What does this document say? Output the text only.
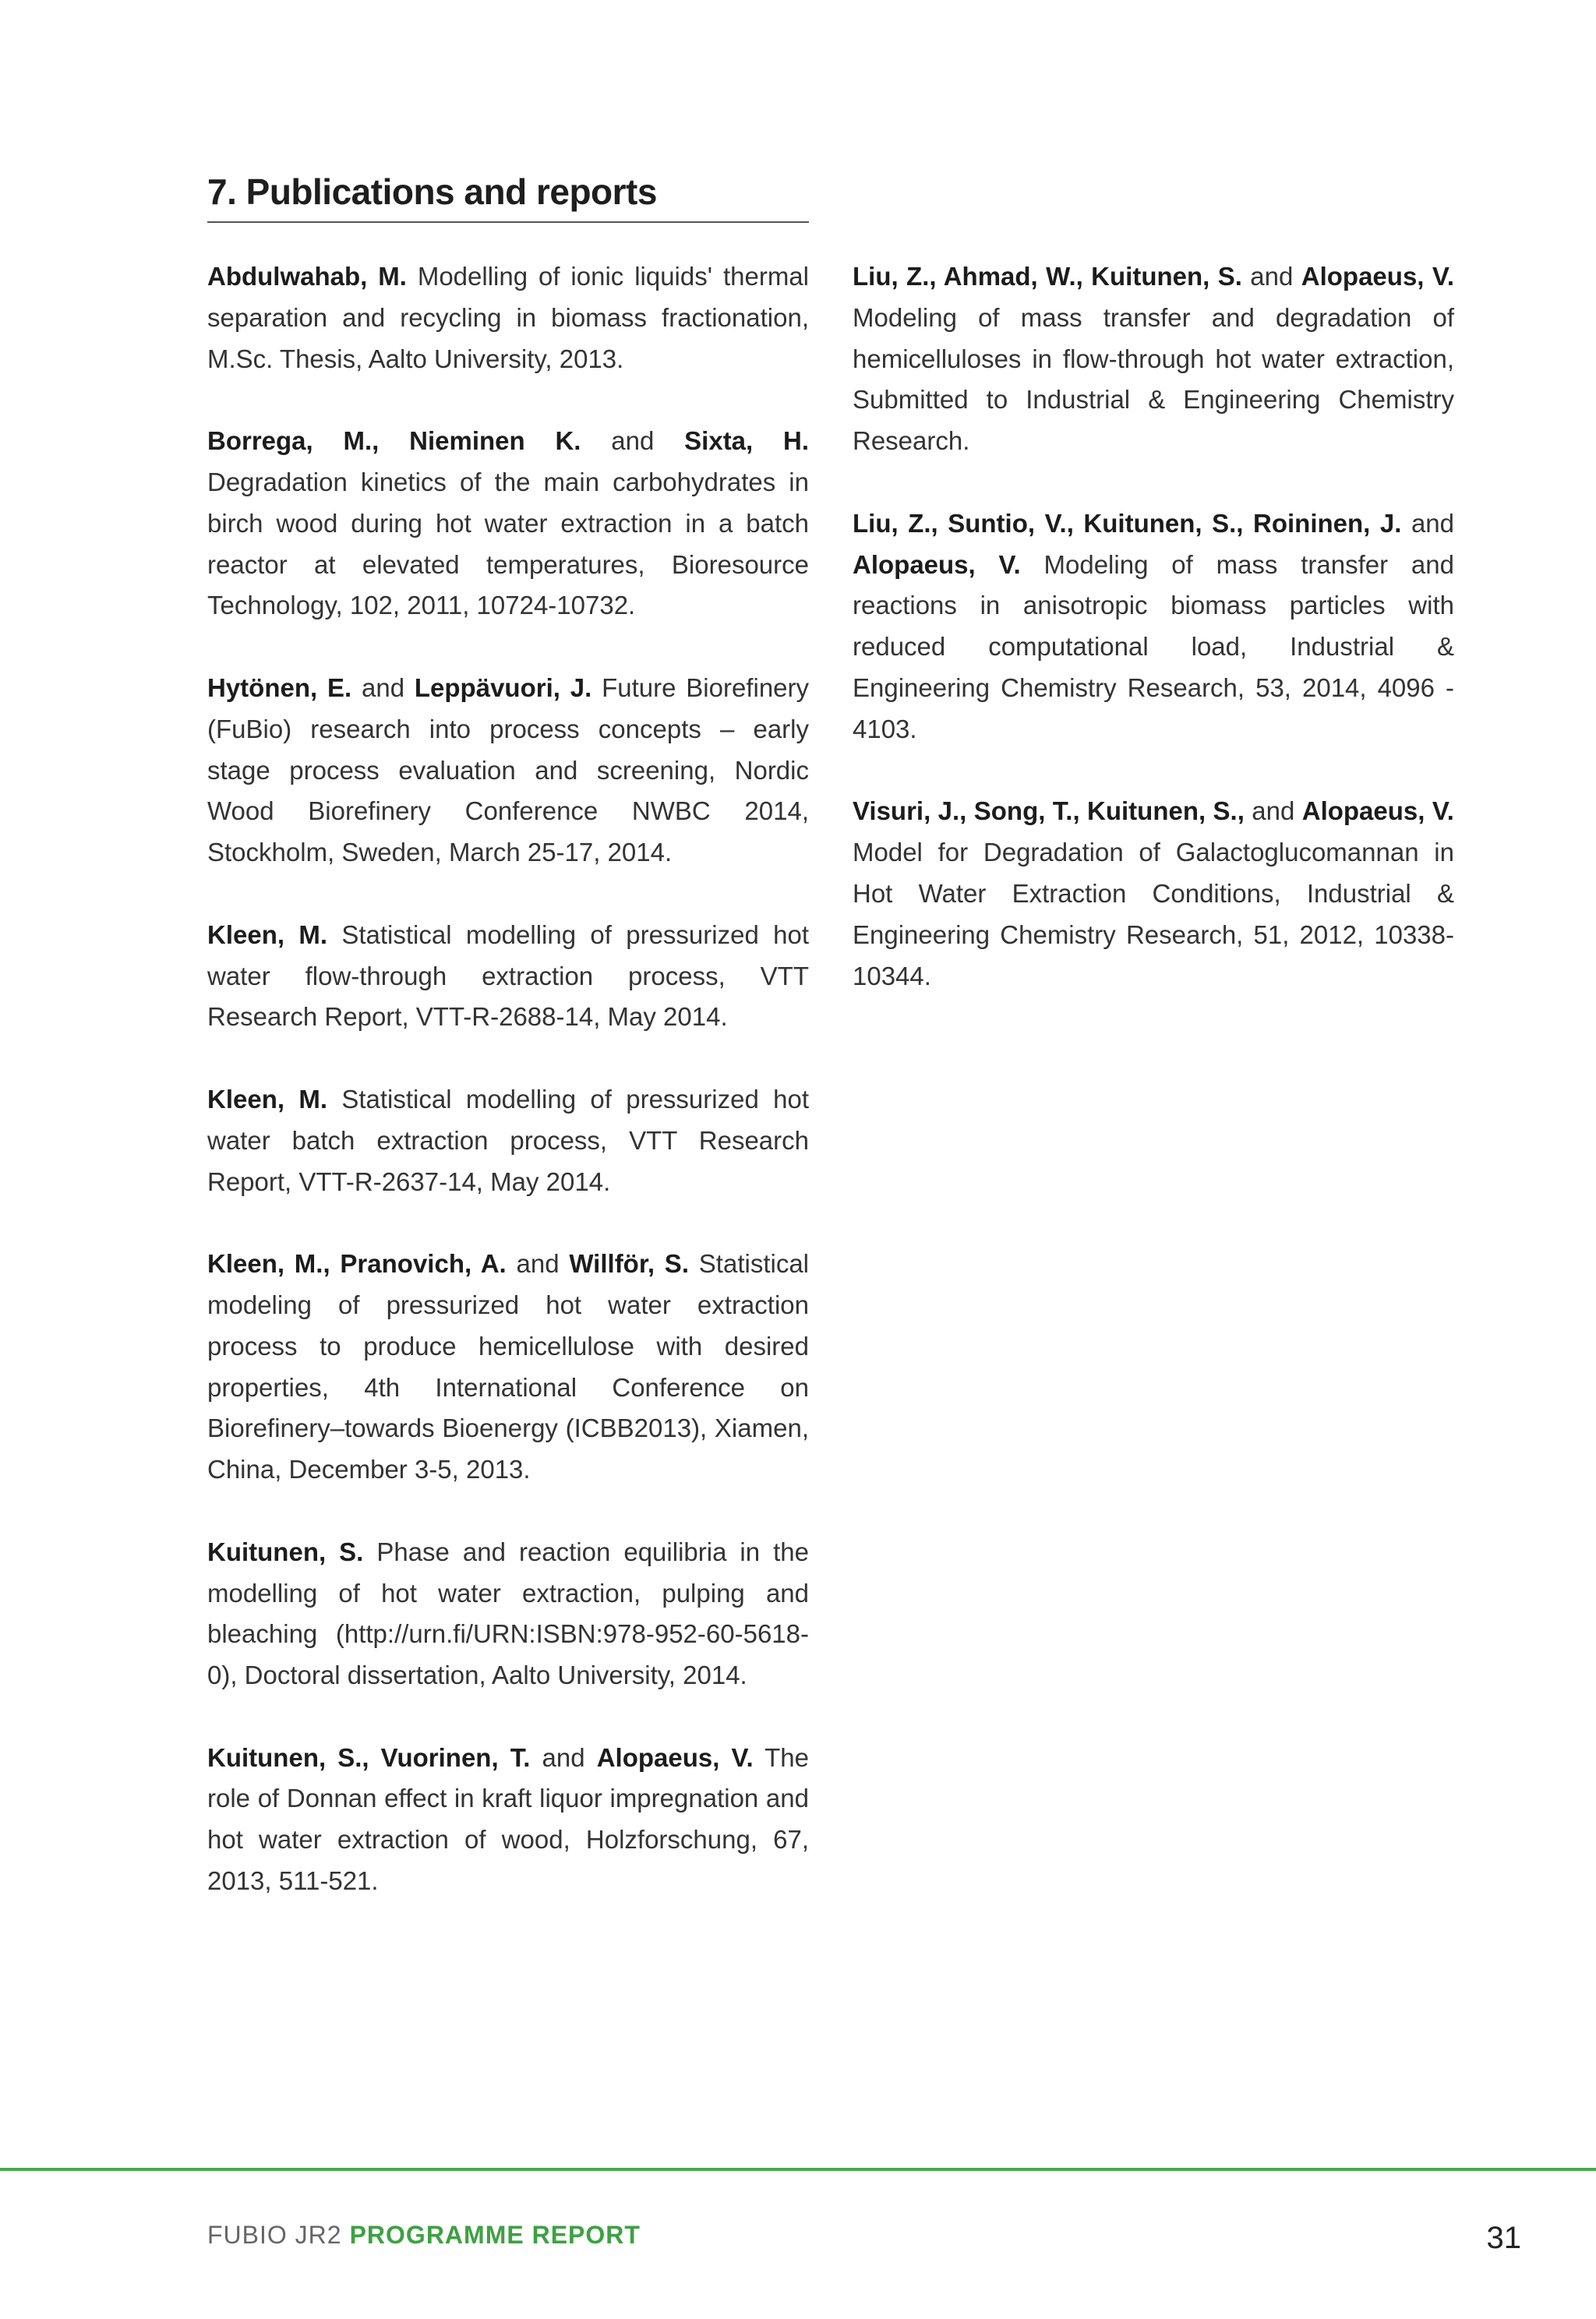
7. Publications and reports

Abdulwahab, M. Modelling of ionic liquids' thermal separation and recycling in biomass fractionation, M.Sc. Thesis, Aalto University, 2013.

Borrega, M., Nieminen K. and Sixta, H. Degradation kinetics of the main carbohydrates in birch wood during hot water extraction in a batch reactor at elevated temperatures, Bioresource Technology, 102, 2011, 10724-10732.

Hytönen, E. and Leppävuori, J. Future Biorefinery (FuBio) research into process concepts – early stage process evaluation and screening, Nordic Wood Biorefinery Conference NWBC 2014, Stockholm, Sweden, March 25-17, 2014.

Kleen, M. Statistical modelling of pressurized hot water flow-through extraction process, VTT Research Report, VTT-R-2688-14, May 2014.

Kleen, M. Statistical modelling of pressurized hot water batch extraction process, VTT Research Report, VTT-R-2637-14, May 2014.

Kleen, M., Pranovich, A. and Willför, S. Statistical modeling of pressurized hot water extraction process to produce hemicellulose with desired properties, 4th International Conference on Biorefinery–towards Bioenergy (ICBB2013), Xiamen, China, December 3-5, 2013.

Kuitunen, S. Phase and reaction equilibria in the modelling of hot water extraction, pulping and bleaching (http://urn.fi/URN:ISBN:978-952-60-5618-0), Doctoral dissertation, Aalto University, 2014.

Kuitunen, S., Vuorinen, T. and Alopaeus, V. The role of Donnan effect in kraft liquor impregnation and hot water extraction of wood, Holzforschung, 67, 2013, 511-521.

Liu, Z., Ahmad, W., Kuitunen, S. and Alopaeus, V. Modeling of mass transfer and degradation of hemicelluloses in flow-through hot water extraction, Submitted to Industrial & Engineering Chemistry Research.

Liu, Z., Suntio, V., Kuitunen, S., Roininen, J. and Alopaeus, V. Modeling of mass transfer and reactions in anisotropic biomass particles with reduced computational load, Industrial & Engineering Chemistry Research, 53, 2014, 4096 - 4103.

Visuri, J., Song, T., Kuitunen, S., and Alopaeus, V. Model for Degradation of Galactoglucomannan in Hot Water Extraction Conditions, Industrial & Engineering Chemistry Research, 51, 2012, 10338-10344.

FUBIO JR2 PROGRAMME REPORT	31
